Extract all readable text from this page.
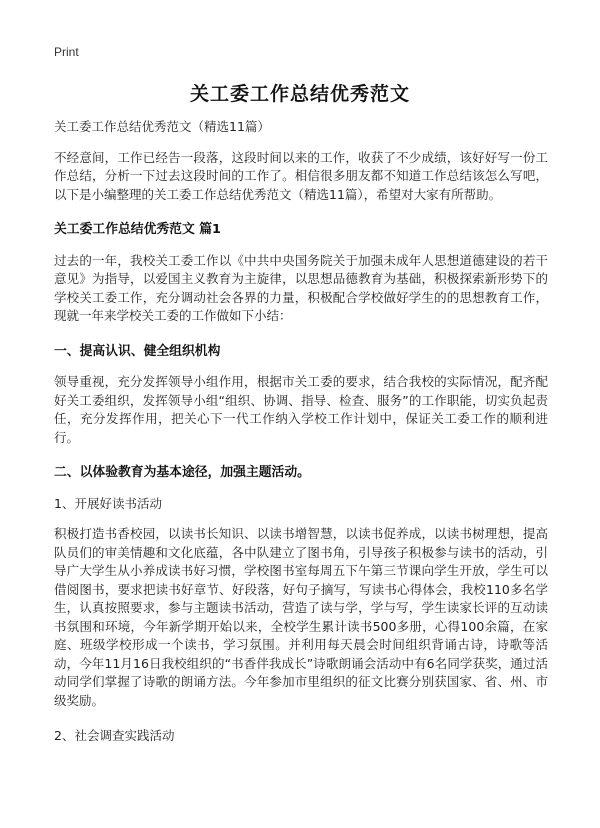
Print
关工委工作总结优秀范文

关工委工作总结优秀范文（精选11篇）

不经意间，工作已经告一段落，这段时间以来的工作，收获了不少成绩，该好好写一份工作总结，分析一下过去这段时间的工作了。相信很多朋友都不知道工作总结该怎么写吧，以下是小编整理的关工委工作总结优秀范文（精选11篇），希望对大家有所帮助。

关工委工作总结优秀范文 篇1

过去的一年，我校关工委工作以《中共中央国务院关于加强未成年人思想道德建设的若干意见》为指导，以爱国主义教育为主旋律，以思想品德教育为基础，积极探索新形势下的学校关工委工作，充分调动社会各界的力量，积极配合学校做好学生的的思想教育工作，现就一年来学校关工委的工作做如下小结：

一、提高认识、健全组织机构

领导重视，充分发挥领导小组作用，根据市关工委的要求，结合我校的实际情况，配齐配好关工委组织，发挥领导小组“组织、协调、指导、检查、服务”的工作职能，切实负起责任，充分发挥作用，把关心下一代工作纳入学校工作计划中，保证关工委工作的顺利进行。

二、以体验教育为基本途径，加强主题活动。

1、开展好读书活动

积极打造书香校园，以读书长知识、以读书增智慧，以读书促养成，以读书树理想，提高队员们的审美情趣和文化底蕴，各中队建立了图书角，引导孩子积极参与读书的活动，引导广大学生从小养成读书好习惯，学校图书室每周五下午第三节课向学生开放，学生可以借阅图书，要求把读书好章节、好段落，好句子摘写，写读书心得体会，我校110多名学生，认真按照要求，参与主题读书活动，营造了读与学，学与写，学生读家长评的互动读书氛围和环境，今年新学期开始以来，全校学生累计读书500多册，心得100余篇，在家庭、班级学校形成一个读书，学习氛围。并利用每天晨会时间组织背诵古诗，诗歌等活动，今年11月16日我校组织的“书香伴我成长”诗歌朗诵会活动中有6名同学获奖，通过活动同学们掌握了诗歌的朗诵方法。今年参加市里组织的征文比赛分别获国家、省、州、市级奖励。

2、社会调查实践活动
